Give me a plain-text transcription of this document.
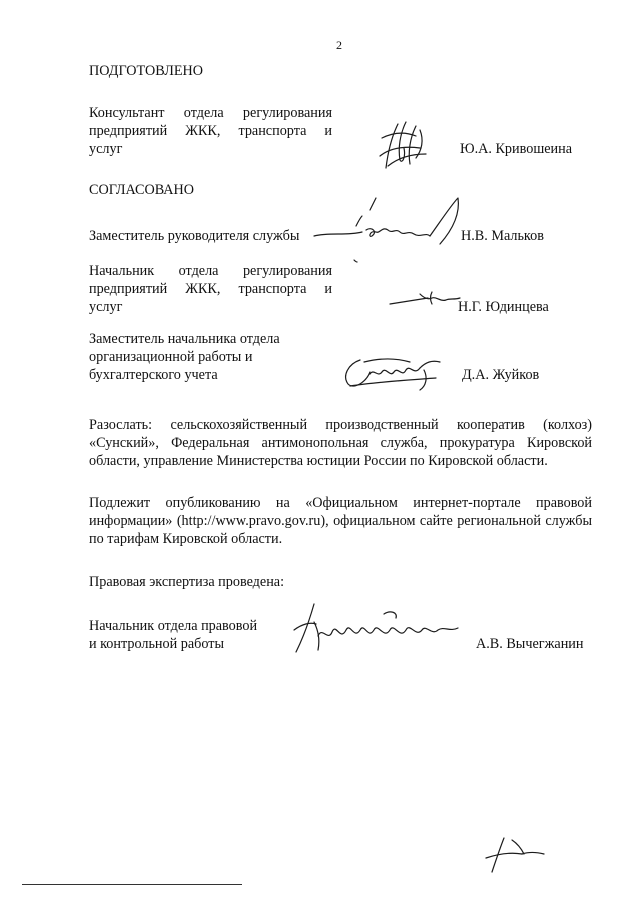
2
ПОДГОТОВЛЕНО
Консультант отдела регулирования
предприятий ЖКК, транспорта и
услуг	Ю.А. Кривошеина
СОГЛАСОВАНО
Заместитель руководителя службы	Н.В. Мальков
Начальник отдела регулирования
предприятий ЖКК, транспорта и
услуг	Н.Г. Юдинцева
Заместитель начальника отдела
организационной работы и
бухгалтерского учета	Д.А. Жуйков
Разослать: сельскохозяйственный производственный кооператив (колхоз) «Сунский», Федеральная антимонопольная служба, прокуратура Кировской области, управление Министерства юстиции России по Кировской области.
Подлежит опубликованию на «Официальном интернет-портале правовой информации» (http://www.pravo.gov.ru), официальном сайте региональной службы по тарифам Кировской области.
Правовая экспертиза проведена:
Начальник отдела правовой
и контрольной работы	А.В. Вычегжанин
